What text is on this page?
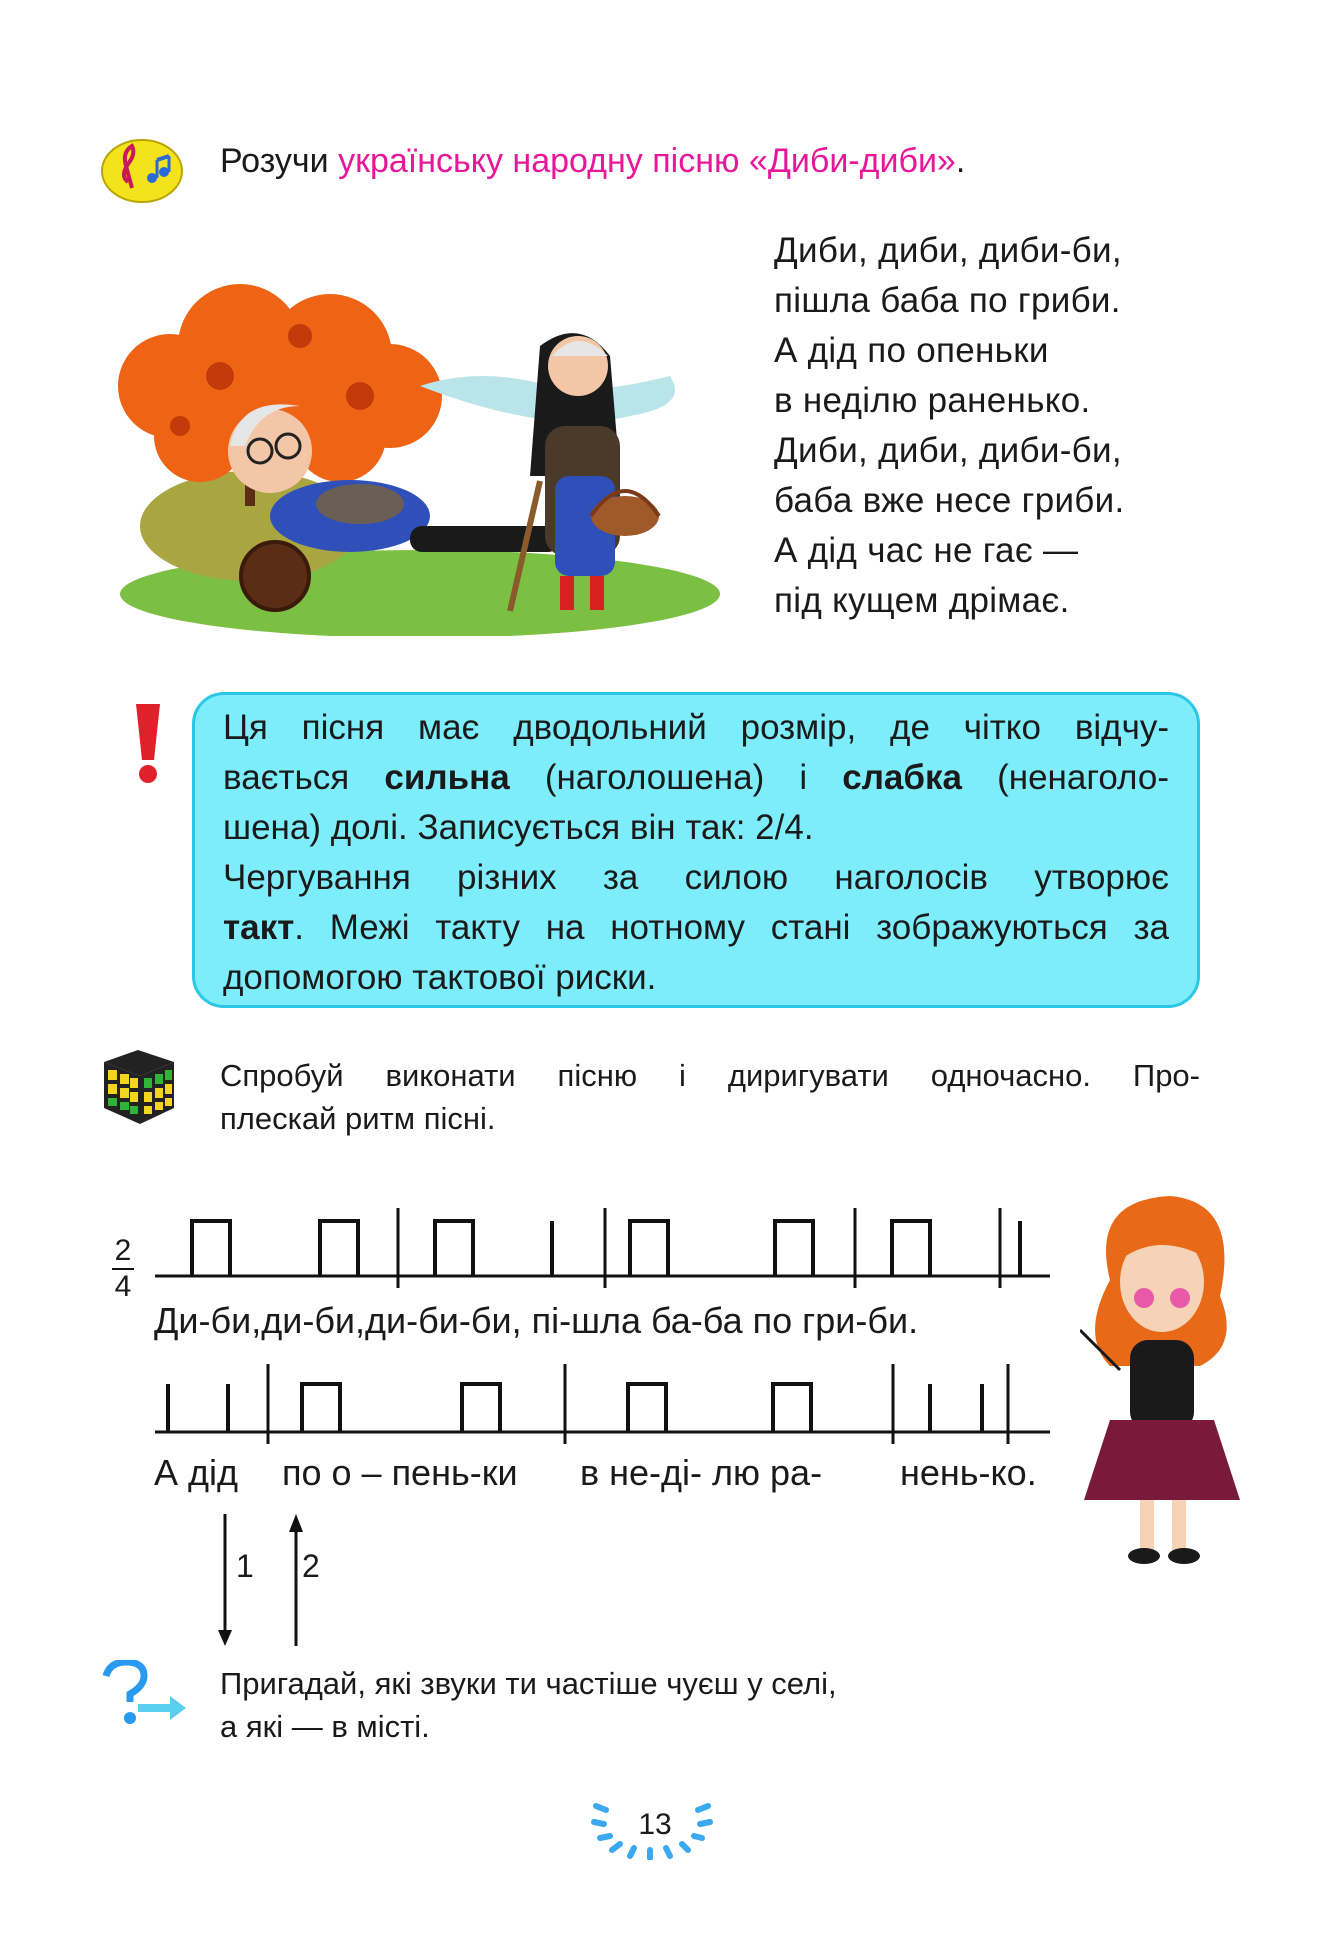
Розучи українську народну пісню «Диби-диби».
Диби, диби, диби-би,
пішла баба по гриби.
А дід по опеньки
в неділю раненько.
Диби, диби, диби-би,
баба вже несе гриби.
А дід час не гає —
під кущем дрімає.

Ця пісня має дводольний розмір, де чітко відчу-

вається сильна (наголошена) і слабка (ненаголо-

шена) долі. Записується він так: 2/4.

Чергування різних за силою наголосів утворює

такт. Межі такту на нотному стані зображуються за

допомогою тактової риски.

Спробуй виконати пісню і диригувати одночасно. Про-
плескай ритм пісні.
2
4
Ди-би,ди-би,ди-би-би, пі-шла ба-ба по гри-би.
А дід по о – пень-ки в не-ді- лю ра- нень-ко.
1 2
Пригадай, які звуки ти частіше чуєш у селі,
а які — в місті.
13
